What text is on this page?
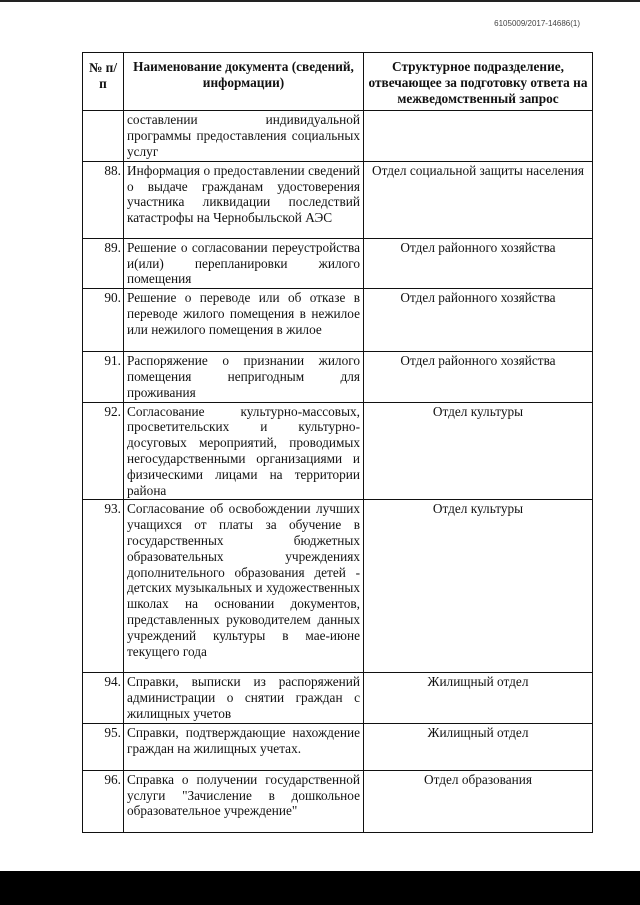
6105009/2017-14686(1)
№ п/п	Наименование документа (сведений, информации)	Структурное подразделение, отвечающее за подготовку ответа на межведомственный запрос
	составлении индивидуальной программы предоставления социальных услуг	

88.	Информация о предоставлении сведений о выдаче гражданам удостоверения участника ликвидации последствий катастрофы на Чернобыльской АЭС	Отдел социальной защиты населения

89.	Решение о согласовании переустройства и(или) перепланировки жилого помещения	Отдел районного хозяйства

90.	Решение о переводе или об отказе в переводе жилого помещения в нежилое или нежилого помещения в жилое	Отдел районного хозяйства

91.	Распоряжение о признании жилого помещения непригодным для проживания	Отдел районного хозяйства

92.	Согласование культурно-массовых, просветительских и культурно-досуговых мероприятий, проводимых негосударственными организациями и физическими лицами на территории района	Отдел культуры

93.	Согласование об освобождении лучших учащихся от платы за обучение в государственных бюджетных образовательных учреждениях дополнительного образования детей - детских музыкальных и художественных школах на основании документов, представленных руководителем данных учреждений культуры в мае-июне текущего года	Отдел культуры

94.	Справки, выписки из распоряжений администрации о снятии граждан с жилищных учетов	Жилищный отдел

95.	Справки, подтверждающие нахождение граждан на жилищных учетах.	Жилищный отдел

96.	Справка о получении государственной услуги "Зачисление в дошкольное образовательное учреждение"	Отдел образования
